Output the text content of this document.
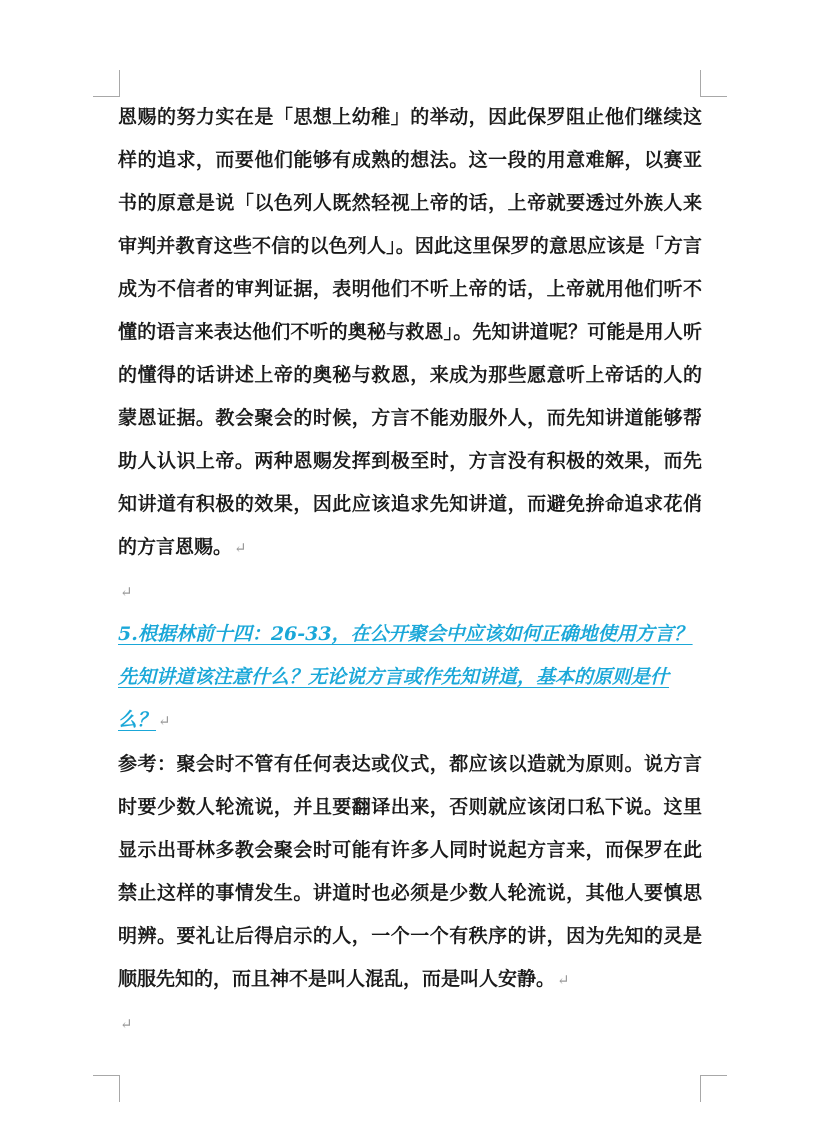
恩赐的努力实在是「思想上幼稚」的举动，因此保罗阻止他们继续这样的追求，而要他们能够有成熟的想法。这一段的用意难解，以赛亚书的原意是说「以色列人既然轻视上帝的话，上帝就要透过外族人来审判并教育这些不信的以色列人」。因此这里保罗的意思应该是「方言成为不信者的审判证据，表明他们不听上帝的话，上帝就用他们听不懂的语言来表达他们不听的奥秘与救恩」。先知讲道呢？可能是用人听的懂得的话讲述上帝的奥秘与救恩，来成为那些愿意听上帝话的人的蒙恩证据。教会聚会的时候，方言不能劝服外人，而先知讲道能够帮助人认识上帝。两种恩赐发挥到极至时，方言没有积极的效果，而先知讲道有积极的效果，因此应该追求先知讲道，而避免拚命追求花俏的方言恩赐。 ↵

↵

5.根据林前十四：26-33，在公开聚会中应该如何正确地使用方言？先知讲道该注意什么？无论说方言或作先知讲道，基本的原则是什么？ ↵

参考：聚会时不管有任何表达或仪式，都应该以造就为原则。说方言时要少数人轮流说，并且要翻译出来，否则就应该闭口私下说。这里显示出哥林多教会聚会时可能有许多人同时说起方言来，而保罗在此禁止这样的事情发生。讲道时也必须是少数人轮流说，其他人要慎思明辨。要礼让后得启示的人，一个一个有秩序的讲，因为先知的灵是顺服先知的，而且神不是叫人混乱，而是叫人安静。 ↵

↵
